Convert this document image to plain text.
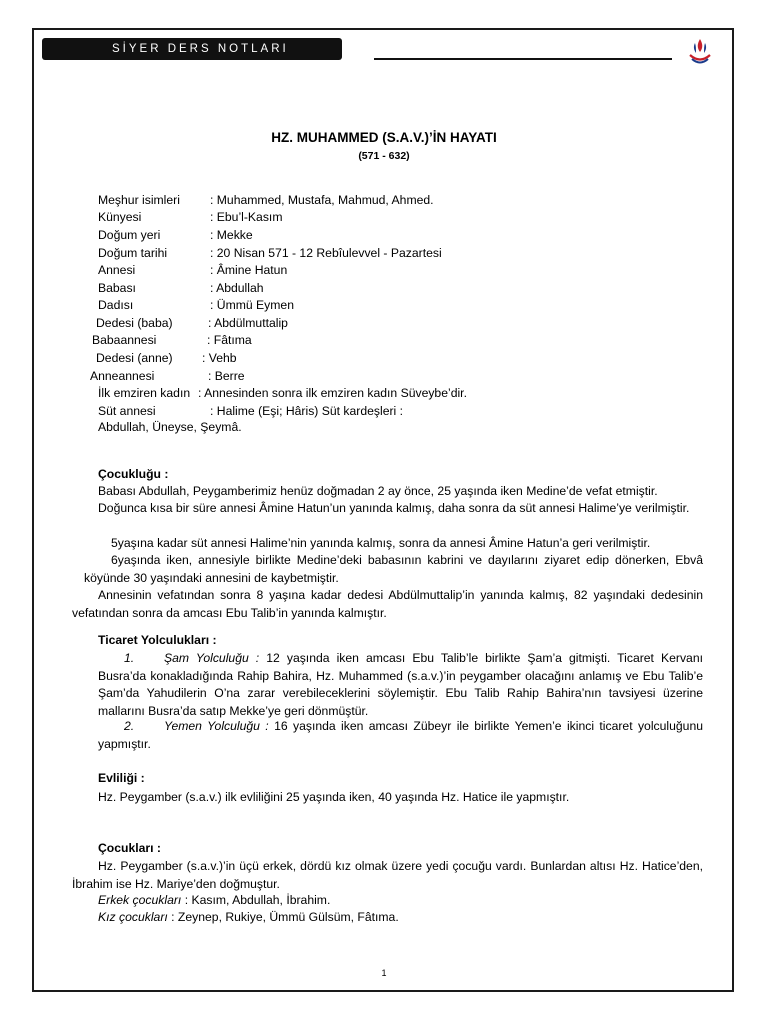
SİYER DERS NOTLARI
HZ. MUHAMMED (S.A.V.)’İN HAYATI
(571 - 632)
Meşhur isimleri : Muhammed, Mustafa, Mahmud, Ahmed.
Künyesi	: Ebu’l-Kasım
Doğum yeri	: Mekke
Doğum tarihi	: 20 Nisan 571 - 12 Rebîulevvel - Pazartesi
Annesi	: Âmine Hatun
Babası	: Abdullah
Dadısı	: Ümmü Eymen
Dedesi (baba)	: Abdülmuttalip
Babaannesi	: Fâtıma
Dedesi (anne) : Vehb
Anneannesi	: Berre
İlk emziren kadın : Annesinden sonra ilk emziren kadın Süveybe’dir.
Süt annesi	: Halime (Eşi; Hâris) Süt kardeşleri :
Abdullah, Üneyse, Şeymâ.
Çocukluğu :
Babası Abdullah, Peygamberimiz henüz doğmadan 2 ay önce, 25 yaşında iken Medine’de vefat etmiştir.
Doğunca kısa bir süre annesi Âmine Hatun’un yanında kalmış, daha sonra da süt annesi Halime’ye verilmiştir.
5yaşına kadar süt annesi Halime’nin yanında kalmış, sonra da annesi Âmine Hatun’a geri verilmiştir.
6yaşında iken, annesiyle birlikte Medine’deki babasının kabrini ve dayılarını ziyaret edip dönerken, Ebvâ köyünde 30 yaşındaki annesini de kaybetmiştir.
Annesinin vefatından sonra 8 yaşına kadar dedesi Abdülmuttalip’in yanında kalmış, 82 yaşındaki dedesinin vefatından sonra da amcası Ebu Talib’in yanında kalmıştır.
Ticaret Yolculukları :
1. Şam Yolculuğu : 12 yaşında iken amcası Ebu Talib’le birlikte Şam’a gitmişti. Ticaret Kervanı Busra’da konakladığında Rahip Bahira, Hz. Muhammed (s.a.v.)’in peygamber olacağını anlamış ve Ebu Talib’e Şam’da Yahudilerin O’na zarar verebileceklerini söylemiştir. Ebu Talib Rahip Bahira’nın tavsiyesi üzerine mallarını Busra’da satıp Mekke’ye geri dönmüştür.
2. Yemen Yolculuğu : 16 yaşında iken amcası Zübeyr ile birlikte Yemen’e ikinci ticaret yolculuğunu yapmıştır.
Evliliği :
Hz. Peygamber (s.a.v.) ilk evliliğini 25 yaşında iken, 40 yaşında Hz. Hatice ile yapmıştır.
Çocukları :
Hz. Peygamber (s.a.v.)’in üçü erkek, dördü kız olmak üzere yedi çocuğu vardı. Bunlardan altısı Hz. Hatice’den, İbrahim ise Hz. Mariye’den doğmuştur.
Erkek çocukları : Kasım, Abdullah, İbrahim.
Kız çocukları : Zeynep, Rukiye, Ümmü Gülsüm, Fâtıma.
1
